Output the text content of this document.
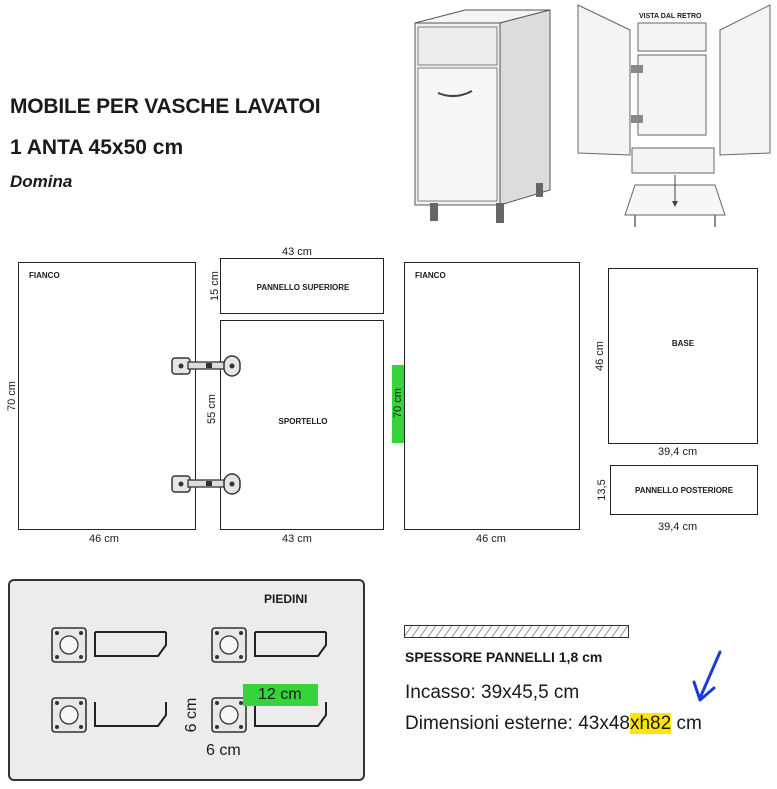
MOBILE PER VASCHE LAVATOI
1 ANTA 45x50 cm
Domina
VISTA DAL RETRO
FIANCO
46 cm
70 cm
43 cm
PANNELLO SUPERIORE
15 cm
SPORTELLO
43 cm
55 cm	70 cm
FIANCO
46 cm
BASE
46 cm
39,4 cm
PANNELLO POSTERIORE
13,5
39,4 cm
PIEDINI
12 cm
6 cm
6 cm
SPESSORE PANNELLI 1,8 cm
Incasso: 39x45,5 cm
Dimensioni esterne: 43x48xh82 cm
